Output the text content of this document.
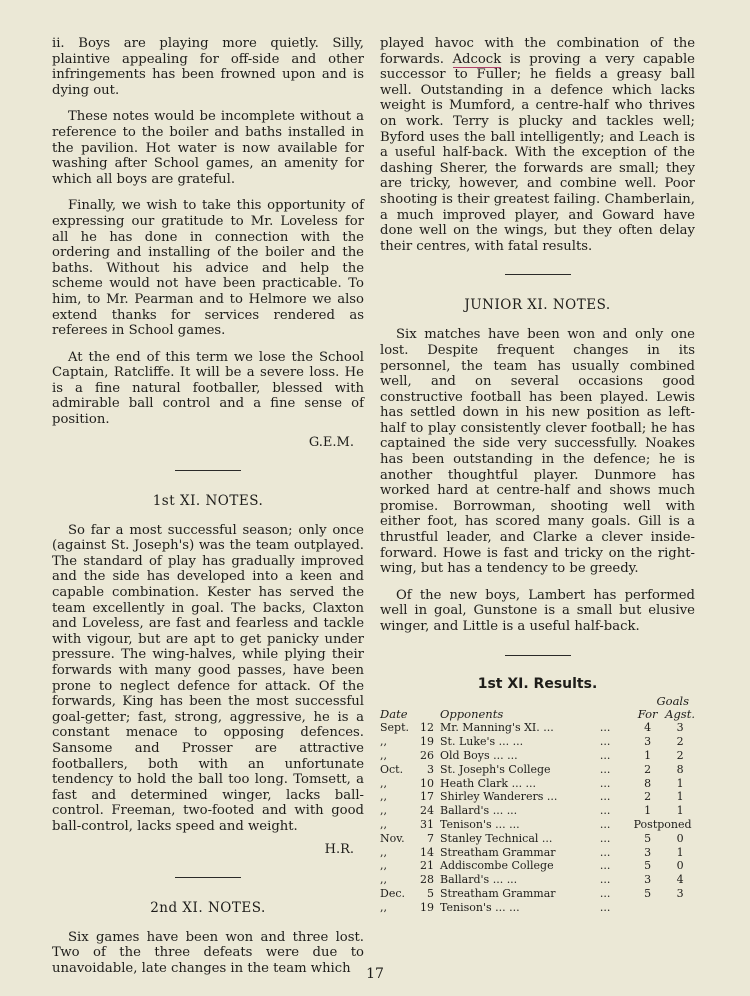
ii. Boys are playing more quietly. Silly, plaintive appealing for off-side and other infringements has been frowned upon and is dying out.

These notes would be incomplete without a reference to the boiler and baths installed in the pavilion. Hot water is now available for washing after School games, an amenity for which all boys are grateful.

Finally, we wish to take this opportunity of expressing our gratitude to Mr. Loveless for all he has done in connection with the ordering and installing of the boiler and the baths. Without his advice and help the scheme would not have been practicable. To him, to Mr. Pearman and to Helmore we also extend thanks for services rendered as referees in School games.

At the end of this term we lose the School Captain, Ratcliffe. It will be a severe loss. He is a fine natural footballer, blessed with admirable ball control and a fine sense of position.

G.E.M.
1st XI. NOTES.

So far a most successful season; only once (against St. Joseph's) was the team outplayed. The standard of play has gradually improved and the side has developed into a keen and capable combination. Kester has served the team excellently in goal. The backs, Claxton and Loveless, are fast and fearless and tackle with vigour, but are apt to get panicky under pressure. The wing-halves, while plying their forwards with many good passes, have been prone to neglect defence for attack. Of the forwards, King has been the most successful goal-getter; fast, strong, aggressive, he is a constant menace to opposing defences. Sansome and Prosser are attractive footballers, both with an unfortunate tendency to hold the ball too long. Tomsett, a fast and determined winger, lacks ball-control. Freeman, two-footed and with good ball-control, lacks speed and weight.

H.R.
2nd XI. NOTES.

Six games have been won and three lost. Two of the three defeats were due to unavoidable, late changes in the team which

played havoc with the combination of the forwards. Adcock is proving a very capable successor to Fuller; he fields a greasy ball well. Outstanding in a defence which lacks weight is Mumford, a centre-half who thrives on work. Terry is plucky and tackles well; Byford uses the ball intelligently; and Leach is a useful half-back. With the exception of the dashing Sherer, the forwards are small; they are tricky, however, and combine well. Poor shooting is their greatest failing. Chamberlain, a much improved player, and Goward have done well on the wings, but they often delay their centres, with fatal results.

JUNIOR XI. NOTES.

Six matches have been won and only one lost. Despite frequent changes in its personnel, the team has usually combined well, and on several occasions good constructive football has been played. Lewis has settled down in his new position as left-half to play consistently clever football; he has captained the side very successfully. Noakes has been outstanding in the defence; he is another thoughtful player. Dunmore has worked hard at centre-half and shows much promise. Borrowman, shooting well with either foot, has scored many goals. Gill is a thrustful leader, and Clarke a clever inside-forward. Howe is fast and tricky on the right-wing, but has a tendency to be greedy.

Of the new boys, Lambert has performed well in goal, Gunstone is a small but elusive winger, and Little is a useful half-back.

1st XI. Results.
Goals
Date		Opponents		For	Agst.
Sept.	12	Mr. Manning's XI. ...	...	4	3
,,	19	St. Luke's ... ...	...	3	2
,,	26	Old Boys ... ...	...	1	2
Oct.	3	St. Joseph's College	...	2	8
,,	10	Heath Clark ... ...	...	8	1
,,	17	Shirley Wanderers ...	...	2	1
,,	24	Ballard's ... ...	...	1	1
,,	31	Tenison's ... ...	...	Postponed	
Nov.	7	Stanley Technical ...	...	5	0
,,	14	Streatham Grammar	...	3	1
,,	21	Addiscombe College	...	5	0
,,	28	Ballard's ... ...	...	3	4
Dec.	5	Streatham Grammar	...	5	3
,,	19	Tenison's ... ...	...		
17
